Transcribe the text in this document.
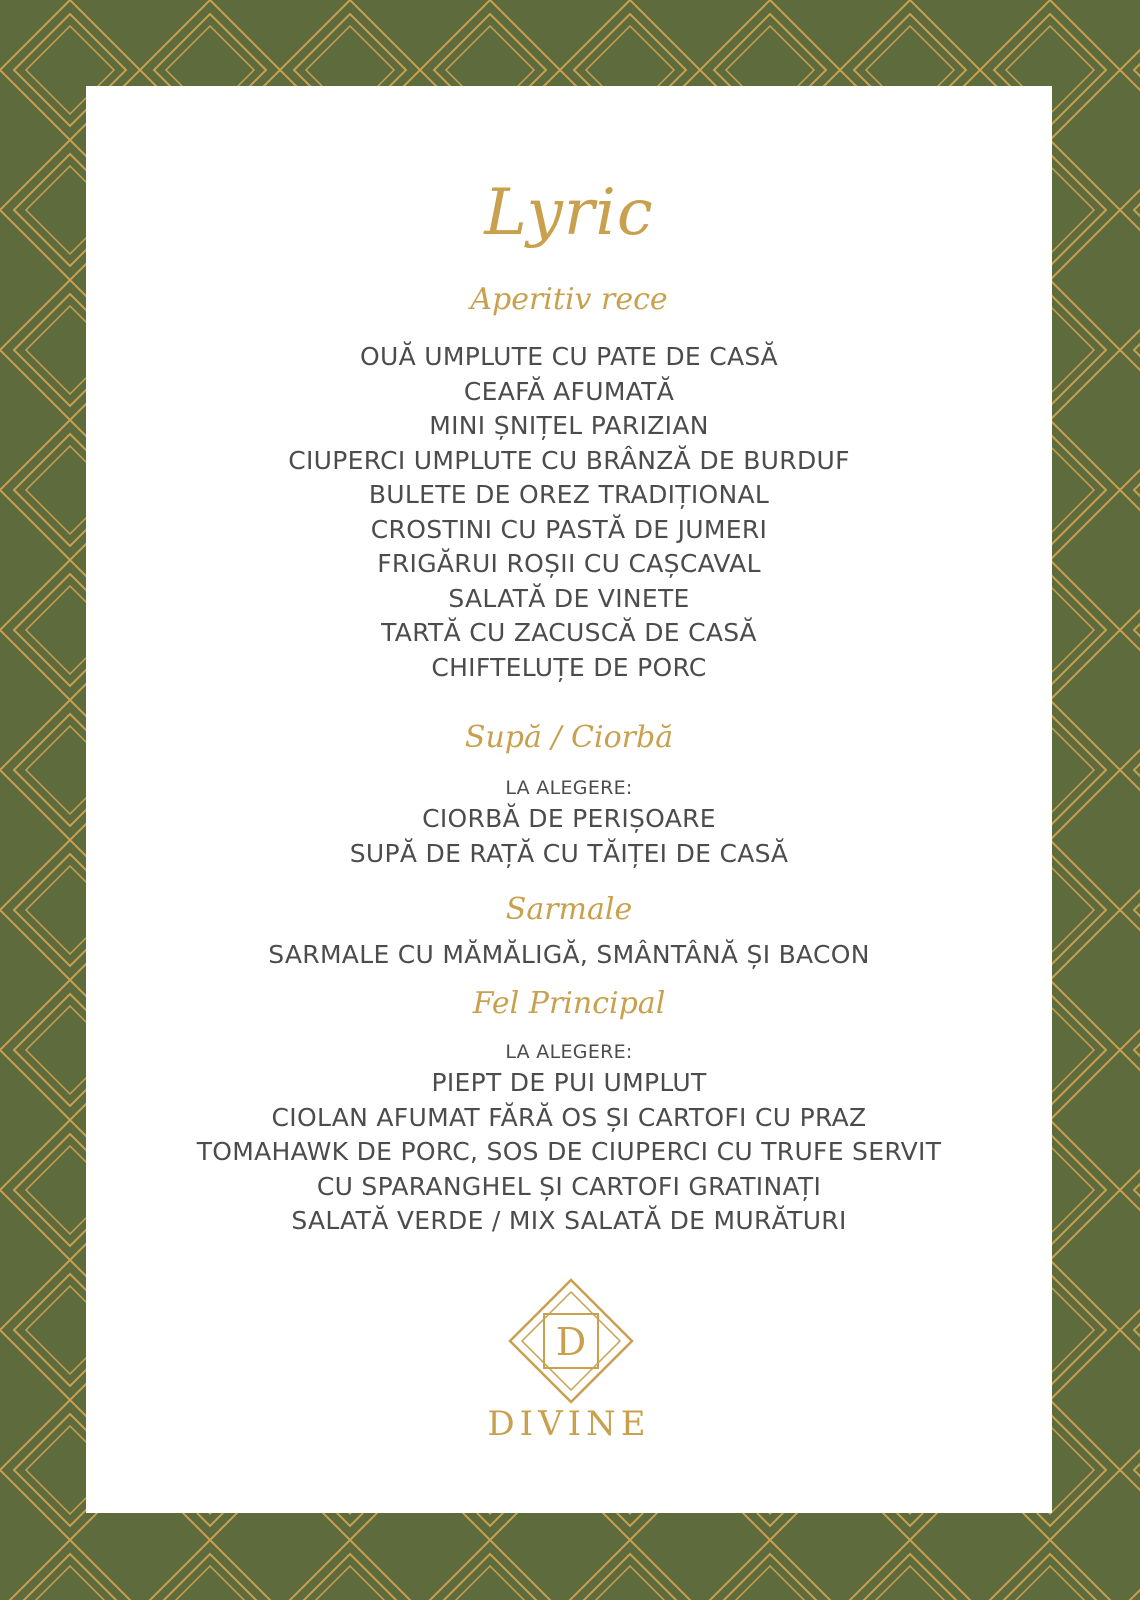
Lyric
Aperitiv rece
OUĂ UMPLUTE CU PATE DE CASĂ
CEAFĂ AFUMATĂ
MINI ȘNIȚEL PARIZIAN
CIUPERCI UMPLUTE CU BRÂNZĂ DE BURDUF
BULETE DE OREZ TRADIȚIONAL
CROSTINI CU PASTĂ DE JUMERI
FRIGĂRUI ROȘII CU CAȘCAVAL
SALATĂ DE VINETE
TARTĂ CU ZACUSCĂ DE CASĂ
CHIFTELUȚE DE PORC
Supă / Ciorbă
LA ALEGERE:
CIORBĂ DE PERIȘOARE
SUPĂ DE RAȚĂ CU TĂIȚEI DE CASĂ
Sarmale
SARMALE CU MĂMĂLIGĂ, SMÂNTÂNĂ ȘI BACON
Fel Principal
LA ALEGERE:
PIEPT DE PUI UMPLUT
CIOLAN AFUMAT FĂRĂ OS ȘI CARTOFI CU PRAZ
TOMAHAWK DE PORC, SOS DE CIUPERCI CU TRUFE SERVIT
CU SPARANGHEL ȘI CARTOFI GRATINAȚI
SALATĂ VERDE / MIX SALATĂ DE MURĂTURI
D
DIVINE
